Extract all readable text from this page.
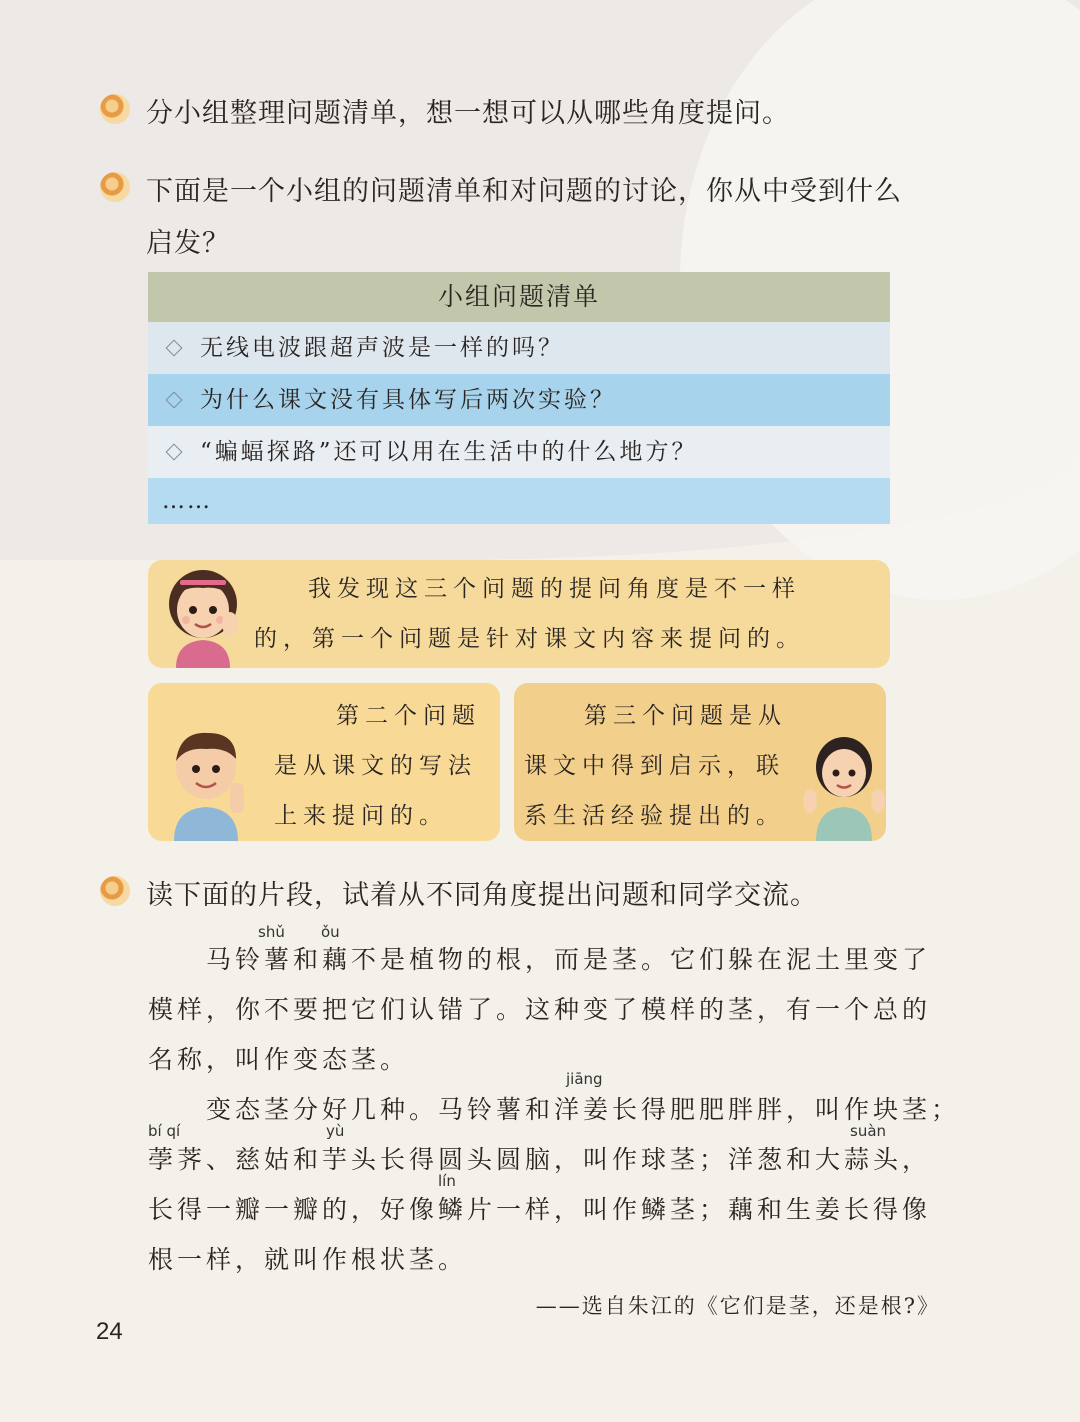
分小组整理问题清单，想一想可以从哪些角度提问。
下面是一个小组的问题清单和对问题的讨论，你从中受到什么
启发？
小组问题清单
无线电波跟超声波是一样的吗？
为什么课文没有具体写后两次实验？
“蝙蝠探路”还可以用在生活中的什么地方？
……
我发现这三个问题的提问角度是不一样
的，第一个问题是针对课文内容来提问的。
第二个问题
是从课文的写法
上来提问的。
第三个问题是从
课文中得到启示，联
系生活经验提出的。
读下面的片段，试着从不同角度提出问题和同学交流。
shǔ ǒu
马铃薯和藕不是植物的根，而是茎。它们躲在泥土里变了
模样，你不要把它们认错了。这种变了模样的茎，有一个总的
名称，叫作变态茎。
jiāng
变态茎分好几种。马铃薯和洋姜长得肥肥胖胖，叫作块茎；
bí qí	yù	suàn
荸荠、慈姑和芋头长得圆头圆脑，叫作球茎；洋葱和大蒜头，
lín
长得一瓣一瓣的，好像鳞片一样，叫作鳞茎；藕和生姜长得像
根一样，就叫作根状茎。
——选自朱江的《它们是茎，还是根?》
24
